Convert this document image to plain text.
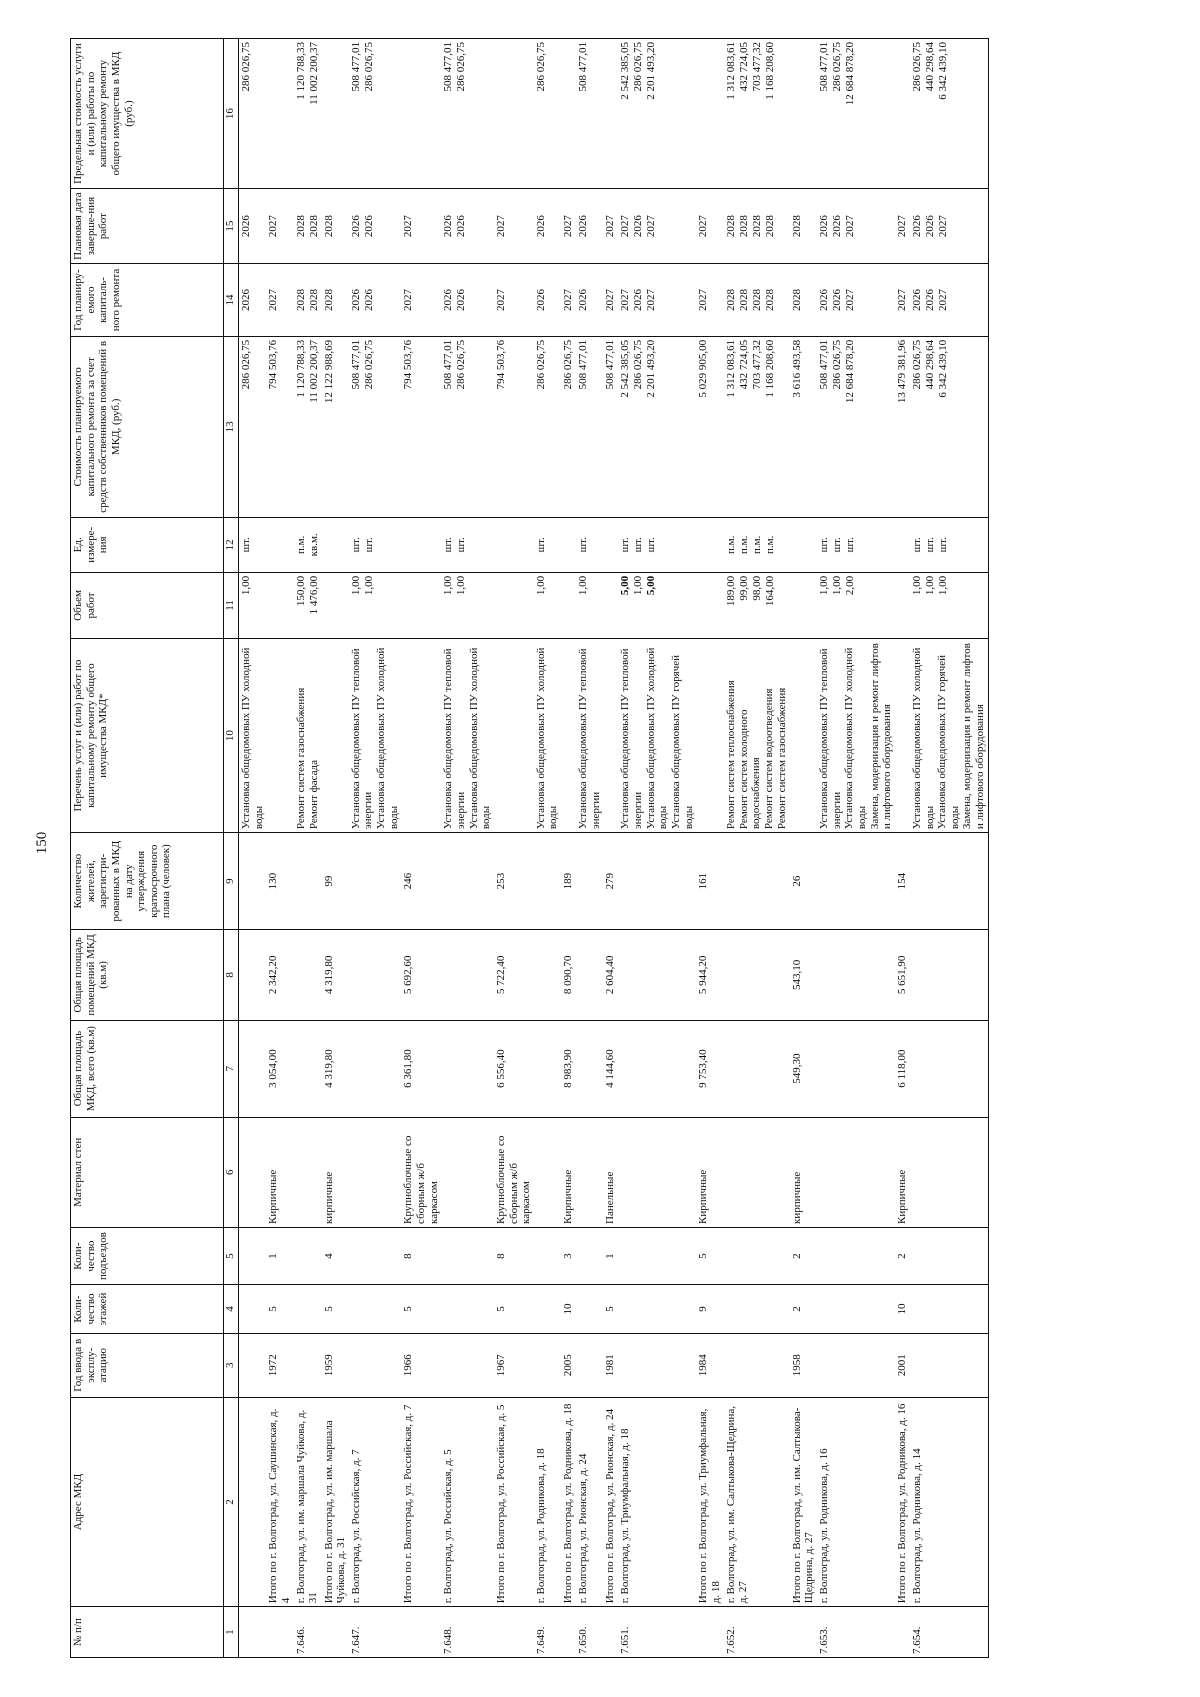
150
№ п/п	Адрес МКД	Год ввода в эксплу-атацию	Коли-чество этажей	Коли-чество подъездов	Материал стен	Общая площадь МКД, всего (кв.м)	Общая площадь помещений МКД (кв.м)	Количество жителей, зарегистри-рованных в МКД на дату утверждения краткосрочного плана (человек)	Перечень услуг и (или) работ по капитальному ремонту общего имущества МКД*	Объем работ	Ед. измере-ния	Стоимость планируемого капитального ремонта за счет средств собственников помещений в МКД, (руб.)	Год планиру-емого капиталь-ного ремонта	Плановая дата заверше-ния работ	Предельная стоимость услуги и (или) работы по капитальному ремонту общего имущества в МКД (руб.)
1	2	3	4	5	6	7	8	9	10	11	12	13	14	15	16

									Установка общедомовых ПУ холодной воды	1,00	шт.	286 026,75	2026	2026	286 026,75

	Итого по г. Волгоград, ул. Саушинская, д. 4	1972	5	1	Кирпичные	3 054,00	2 342,20	130				794 503,76	2027	2027	

7.646.	г. Волгоград, ул. им. маршала Чуйкова, д. 31								Ремонт систем газоснабжения Ремонт фасада	150,00 1 476,00	п.м. кв.м.	1 120 788,33 11 002 200,37	2028 2028	2028 2028	1 120 788,33 11 002 200,37

	Итого по г. Волгоград, ул. им. маршала Чуйкова, д. 31	1959	5	4	кирпичные	4 319,80	4 319,80	99				12 122 988,69	2028	2028	

7.647.	г. Волгоград, ул. Российская, д. 7								Установка общедомовых ПУ тепловой энергии Установка общедомовых ПУ холодной воды	1,00 1,00	шт. шт.	508 477,01 286 026,75	2026 2026	2026 2026	508 477,01 286 026,75

	Итого по г. Волгоград, ул. Российская, д. 7	1966	5	8	Крупноблочные со сборным ж/б каркасом	6 361,80	5 692,60	246				794 503,76	2027	2027	

7.648.	г. Волгоград, ул. Российская, д. 5								Установка общедомовых ПУ тепловой энергии Установка общедомовых ПУ холодной воды	1,00 1,00	шт. шт.	508 477,01 286 026,75	2026 2026	2026 2026	508 477,01 286 026,75

	Итого по г. Волгоград, ул. Российская, д. 5	1967	5	8	Крупноблочные со сборным ж/б каркасом	6 556,40	5 722,40	253				794 503,76	2027	2027	

7.649.	г. Волгоград, ул. Родникова, д. 18								Установка общедомовых ПУ холодной воды	1,00	шт.	286 026,75	2026	2026	286 026,75

	Итого по г. Волгоград, ул. Родникова, д. 18	2005	10	3	Кирпичные	8 983,90	8 090,70	189				286 026,75	2027	2027	

7.650.	г. Волгоград, ул. Рионская, д. 24								Установка общедомовых ПУ тепловой энергии	1,00	шт.	508 477,01	2026	2026	508 477,01

	Итого по г. Волгоград, ул. Рионская, д. 24	1981	5	1	Панельные	4 144,60	2 604,40	279				508 477,01	2027	2027	

7.651.	г. Волгоград, ул. Триумфальная, д. 18								Установка общедомовых ПУ тепловой энергии Установка общедомовых ПУ холодной воды Установка общедомовых ПУ горячей воды	5,00 1,00 5,00	шт. шт. шт.	2 542 385,05 286 026,75 2 201 493,20	2027 2026 2027	2027 2026 2027	2 542 385,05 286 026,75 2 201 493,20

	Итого по г. Волгоград, ул. Триумфальная, д. 18	1984	9	5	Кирпичные	9 753,40	5 944,20	161				5 029 905,00	2027	2027	

7.652.	г. Волгоград, ул. им. Салтыкова-Щедрина, д. 27								Ремонт систем теплоснабжения Ремонт систем холодного водоснабжения Ремонт систем водоотведения Ремонт систем газоснабжения	189,00 99,00 98,00 164,00	п.м. п.м. п.м. п.м.	1 312 083,61 432 724,05 703 477,32 1 168 208,60	2028 2028 2028 2028	2028 2028 2028 2028	1 312 083,61 432 724,05 703 477,32 1 168 208,60

	Итого по г. Волгоград, ул. им. Салтыкова-Щедрина, д. 27	1958	2	2	кирпичные	549,30	543,10	26				3 616 493,58	2028	2028	

7.653.	г. Волгоград, ул. Родникова, д. 16								Установка общедомовых ПУ тепловой энергии Установка общедомовых ПУ холодной воды Замена, модернизация и ремонт лифтов и лифтового оборудования	1,00 1,00 2,00	шт. шт. шт.	508 477,01 286 026,75 12 684 878,20	2026 2026 2027	2026 2026 2027	508 477,01 286 026,75 12 684 878,20

	Итого по г. Волгоград, ул. Родникова, д. 16	2001	10	2	Кирпичные	6 118,00	5 651,90	154				13 479 381,96	2027	2027	

7.654.	г. Волгоград, ул. Родникова, д. 14								Установка общедомовых ПУ холодной воды Установка общедомовых ПУ горячей воды Замена, модернизация и ремонт лифтов и лифтового оборудования	1,00 1,00 1,00	шт. шт. шт.	286 026,75 440 298,64 6 342 439,10	2026 2026 2027	2026 2026 2027	286 026,75 440 298,64 6 342 439,10
